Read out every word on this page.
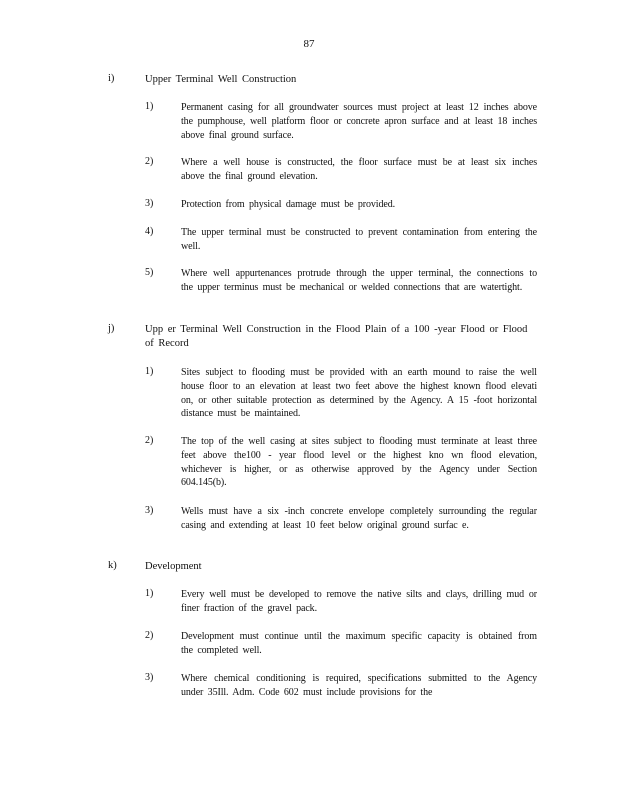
87
i)	Upper Terminal Well Construction
1)	Permanent casing for all groundwater sources must project at least 12 inches above the pumphouse, well platform floor or concrete apron surface and at least 18 inches above final ground surface.
2)	Where a well house is constructed, the floor surface must be at least six inches above the final ground elevation.
3)	Protection from physical damage must be provided.
4)	The upper terminal must be constructed to prevent contamination from entering the well.
5)	Where well appurtenances protrude through the upper terminal, the connections to the upper terminus must be mechanical or welded connections that are watertight.
j)	Upp er Terminal Well Construction in the Flood Plain of a 100 -year Flood or Flood of Record
1)	Sites subject to flooding must be provided with an earth mound to raise the well house floor to an elevation at least two feet above the highest known flood elevati on, or other suitable protection as determined by the Agency. A 15 -foot horizontal distance must be maintained.
2)	The top of the well casing at sites subject to flooding must terminate at least three feet above the100 - year flood level or the highest kno wn flood elevation, whichever is higher, or as otherwise approved by the Agency under Section 604.145(b).
3)	Wells must have a six -inch concrete envelope completely surrounding the regular casing and extending at least 10 feet below original ground surfac e.
k)	Development
1)	Every well must be developed to remove the native silts and clays, drilling mud or finer fraction of the gravel pack.
2)	Development must continue until the maximum specific capacity is obtained from the completed well.
3)	Where chemical conditioning is required, specifications submitted to the Agency under 35Ill. Adm. Code 602 must include provisions for the
